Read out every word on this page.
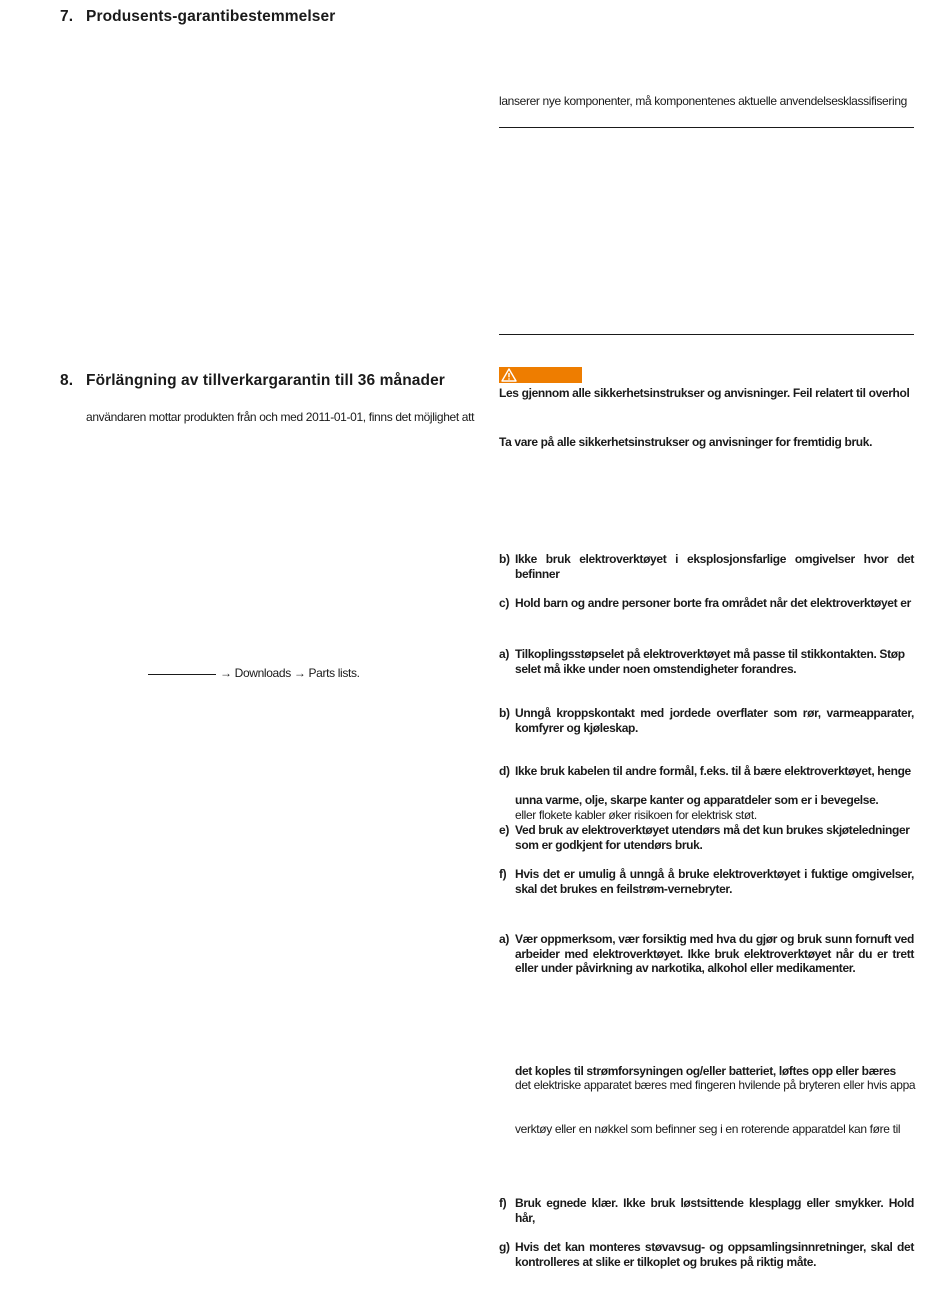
7. Produsents-garantibestemmelser
8. Förlängning av tillverkargarantin till 36 månader
användaren mottar produkten från och med 2011-01-01, finns det möjlighet att
→ Downloads → Parts lists.
lanserer nye komponenter, må komponentenes aktuelle anvendelsesklassifisering
Les gjennom alle sikkerhetsinstrukser og anvisninger. Feil relatert til overhol
Ta vare på alle sikkerhetsinstrukser og anvisninger for fremtidig bruk.
b) Ikke bruk elektroverktøyet i eksplosjonsfarlige omgivelser hvor det befinner
c) Hold barn og andre personer borte fra området når det elektroverktøyet er
a) Tilkoplingsstøpselet på elektroverktøyet må passe til stikkontakten. Støp
selet må ikke under noen omstendigheter forandres.
b) Unngå kroppskontakt med jordede overflater som rør, varmeapparater,
komfyrer og kjøleskap.
d) Ikke bruk kabelen til andre formål, f.eks. til å bære elektroverktøyet, henge
unna varme, olje, skarpe kanter og apparatdeler som er i bevegelse.
eller flokete kabler øker risikoen for elektrisk støt.
e) Ved bruk av elektroverktøyet utendørs må det kun brukes skjøteledninger
som er godkjent for utendørs bruk.
f) Hvis det er umulig å unngå å bruke elektroverktøyet i fuktige omgivelser,
skal det brukes en feilstrøm-vernebryter.
a) Vær oppmerksom, vær forsiktig med hva du gjør og bruk sunn fornuft ved
arbeider med elektroverktøyet. Ikke bruk elektroverktøyet når du er trett
eller under påvirkning av narkotika, alkohol eller medikamenter.
det koples til strømforsyningen og/eller batteriet, løftes opp eller bæres
det elektriske apparatet bæres med fingeren hvilende på bryteren eller hvis appa
verktøy eller en nøkkel som befinner seg i en roterende apparatdel kan føre til
f) Bruk egnede klær. Ikke bruk løstsittende klesplagg eller smykker. Hold hår,
g) Hvis det kan monteres støvavsug- og oppsamlingsinnretninger, skal det
kontrolleres at slike er tilkoplet og brukes på riktig måte.
